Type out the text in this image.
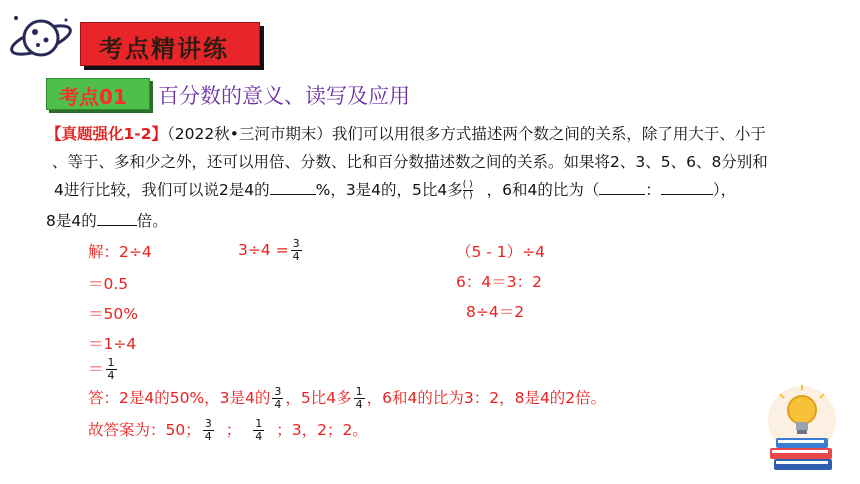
考点精讲练
考点01 百分数的意义、读写及应用
【真题强化1-2】（2022秋•三河市期末）我们可以用很多方式描述两个数之间的关系，除了用大于、小于
、等于、多和少之外，还可以用倍、分数、比和百分数描述数之间的关系。如果将2、3、5、6、8分别和
4进行比较，我们可以说2是4的	%，3是4的，5比4多 $\frac{( )}{( )}$ ，6和4的比为（	：	），
8是4的	倍。
解：2÷4
＝0.5
＝50%
＝1÷4
＝ $\frac{1}{4}$
$3\div 4 = \frac{3}{4}$	（5 - 1）÷4
6：4＝3：2
8÷4＝2
答：2是4的50%，3是4的 $\frac{3}{4}$ ，5比4多 $\frac{1}{4}$ ，6和4的比为3：2，8是4的2倍。
故答案为：50； $\frac{3}{4}$ ； $\frac{1}{4}$ ；3，2；2。
